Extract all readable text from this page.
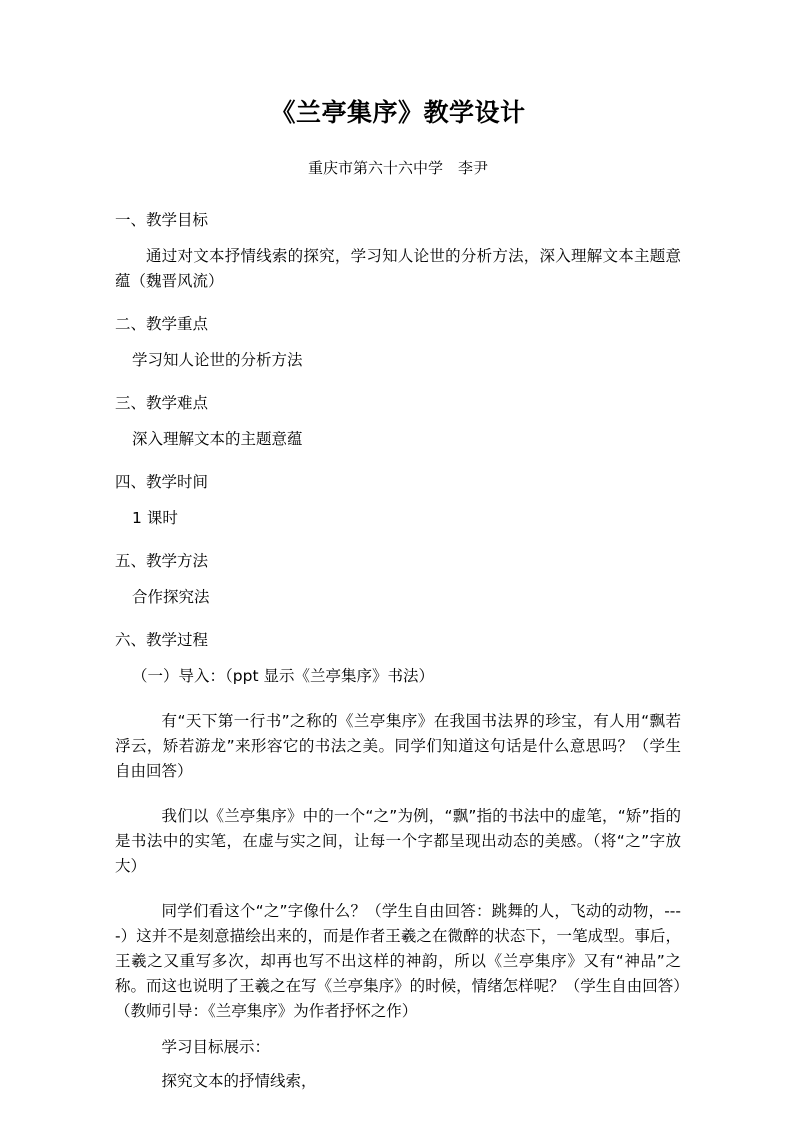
《兰亭集序》教学设计

重庆市第六十六中学　李尹

一、教学目标

通过对文本抒情线索的探究，学习知人论世的分析方法，深入理解文本主题意蕴（魏晋风流）

二、教学重点

学习知人论世的分析方法

三、教学难点

深入理解文本的主题意蕴

四、教学时间

1 课时

五、教学方法

合作探究法

六、教学过程

（一）导入：（ppt 显示《兰亭集序》书法）

有“天下第一行书”之称的《兰亭集序》在我国书法界的珍宝，有人用“飘若浮云，矫若游龙”来形容它的书法之美。同学们知道这句话是什么意思吗？（学生自由回答）

我们以《兰亭集序》中的一个“之”为例，“飘”指的书法中的虚笔，“矫”指的是书法中的实笔，在虚与实之间，让每一个字都呈现出动态的美感。（将“之”字放大）

同学们看这个“之”字像什么？（学生自由回答：跳舞的人，飞动的动物，----）这并不是刻意描绘出来的，而是作者王羲之在微醉的状态下，一笔成型。事后，王羲之又重写多次，却再也写不出这样的神韵，所以《兰亭集序》又有“神品”之称。而这也说明了王羲之在写《兰亭集序》的时候，情绪怎样呢？（学生自由回答）（教师引导：《兰亭集序》为作者抒怀之作）

学习目标展示：

探究文本的抒情线索，
